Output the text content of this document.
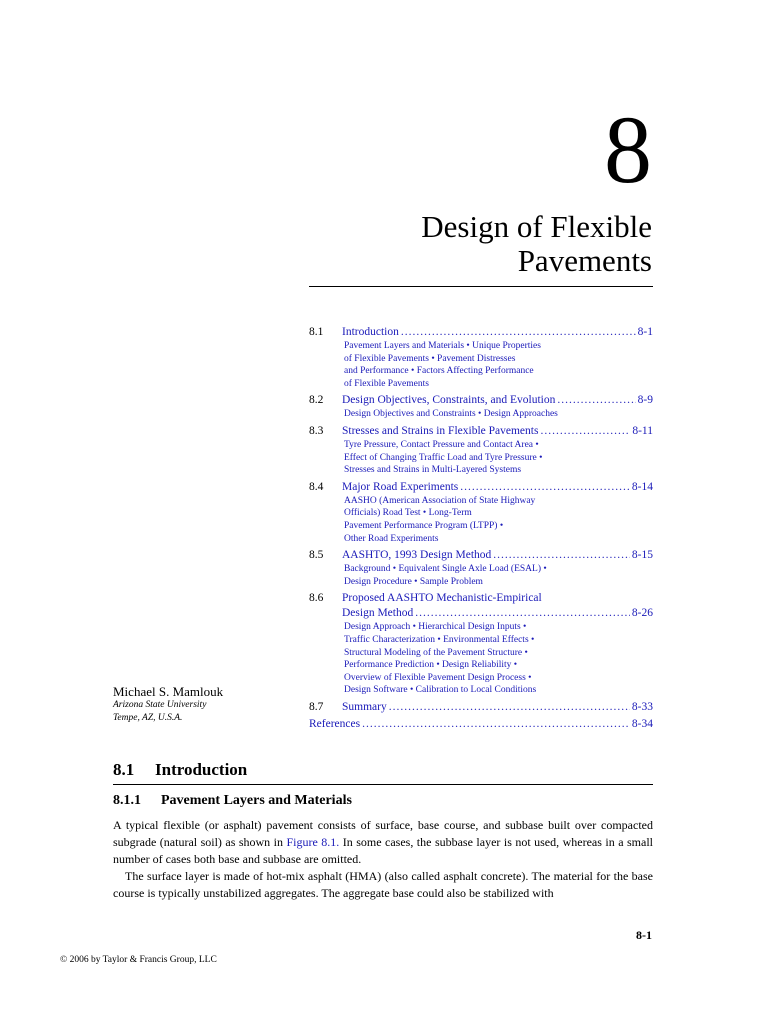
8
Design of Flexible
Pavements
8.1	Introduction .....	8-1
Pavement Layers and Materials • Unique Properties
of Flexible Pavements • Pavement Distresses
and Performance • Factors Affecting Performance
of Flexible Pavements
8.2	Design Objectives, Constraints, and Evolution .....	8-9
Design Objectives and Constraints • Design Approaches
8.3	Stresses and Strains in Flexible Pavements .....	8-11
Tyre Pressure, Contact Pressure and Contact Area •
Effect of Changing Traffic Load and Tyre Pressure •
Stresses and Strains in Multi-Layered Systems
8.4	Major Road Experiments .....	8-14
AASHO (American Association of State Highway
Officials) Road Test • Long-Term
Pavement Performance Program (LTPP) •
Other Road Experiments
8.5	AASHTO, 1993 Design Method .....	8-15
Background • Equivalent Single Axle Load (ESAL) •
Design Procedure • Sample Problem
8.6	Proposed AASHTO Mechanistic-Empirical
Design Method .....	8-26
Design Approach • Hierarchical Design Inputs •
Traffic Characterization • Environmental Effects •
Structural Modeling of the Pavement Structure •
Performance Prediction • Design Reliability •
Overview of Flexible Pavement Design Process •
Design Software • Calibration to Local Conditions
8.7	Summary .....	8-33
References .....	8-34
Michael S. Mamlouk
Arizona State University
Tempe, AZ, U.S.A.
8.1 Introduction
8.1.1 Pavement Layers and Materials

A typical flexible (or asphalt) pavement consists of surface, base course, and subbase built over compacted subgrade (natural soil) as shown in Figure 8.1. In some cases, the subbase layer is not used, whereas in a small number of cases both base and subbase are omitted.

The surface layer is made of hot-mix asphalt (HMA) (also called asphalt concrete). The material for the base course is typically unstabilized aggregates. The aggregate base could also be stabilized with

8-1
© 2006 by Taylor & Francis Group, LLC
